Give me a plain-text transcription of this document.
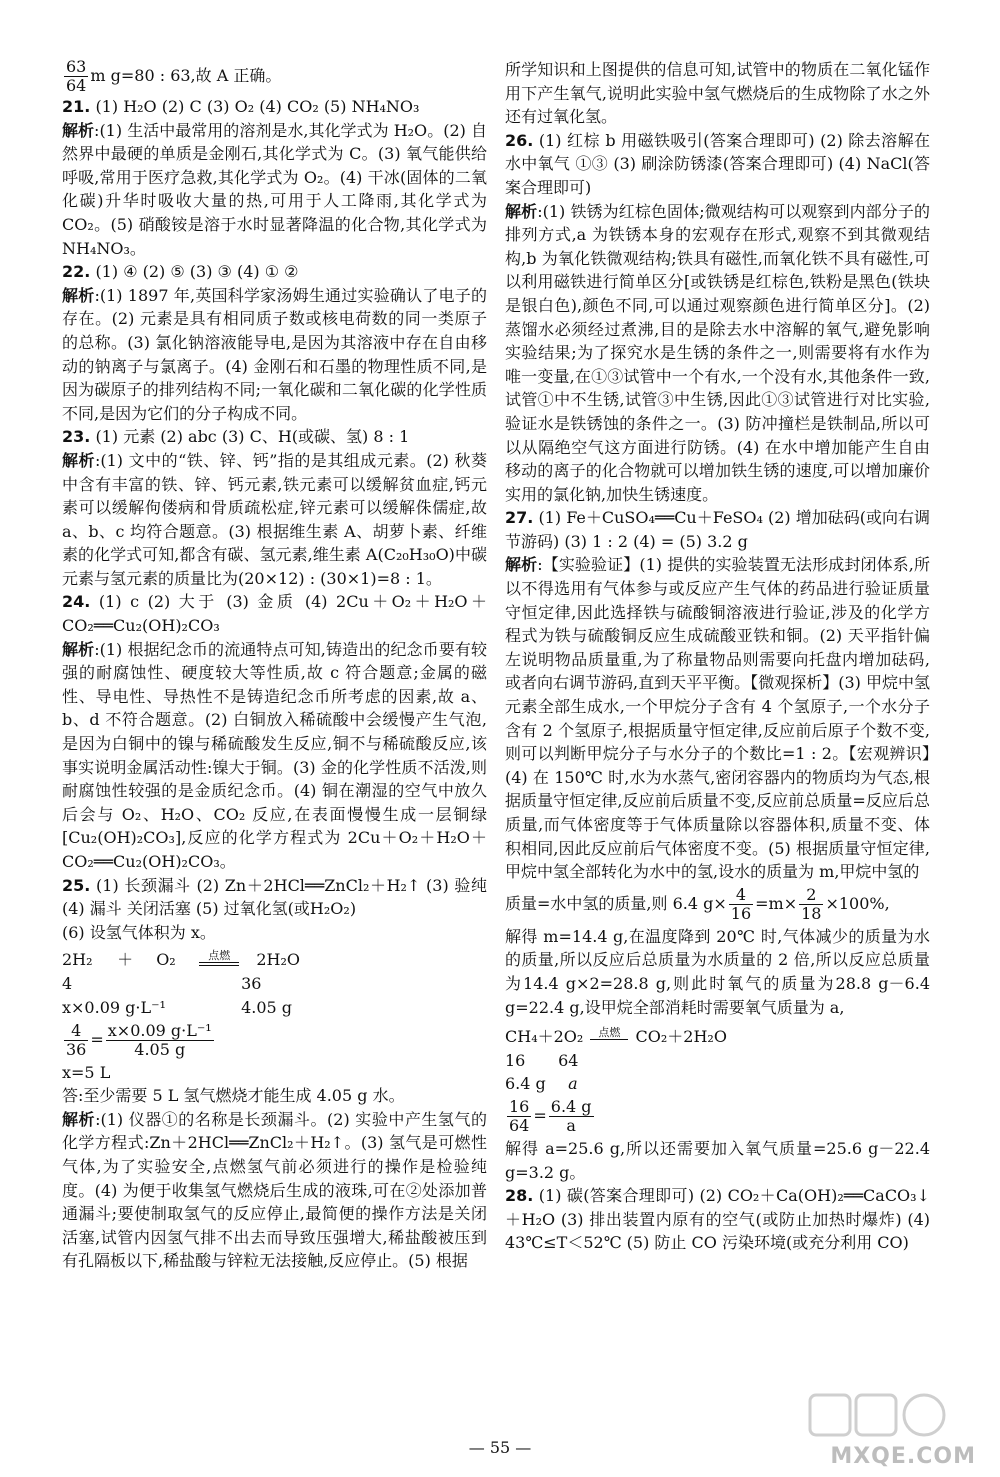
$\frac{63}{64}$ m g=80 : 63,故 A 正确。

21. (1) H₂O (2) C (3) O₂ (4) CO₂ (5) NH₄NO₃

解析:(1) 生活中最常用的溶剂是水,其化学式为 H₂O。(2) 自然界中最硬的单质是金刚石,其化学式为 C。(3) 氧气能供给呼吸,常用于医疗急救,其化学式为 O₂。(4) 干冰(固体的二氧化碳)升华时吸收大量的热,可用于人工降雨,其化学式为 CO₂。(5) 硝酸铵是溶于水时显著降温的化合物,其化学式为 NH₄NO₃。

22. (1) ④ (2) ⑤ (3) ③ (4) ① ②

解析:(1) 1897 年,英国科学家汤姆生通过实验确认了电子的存在。(2) 元素是具有相同质子数或核电荷数的同一类原子的总称。(3) 氯化钠溶液能导电,是因为其溶液中存在自由移动的钠离子与氯离子。(4) 金刚石和石墨的物理性质不同,是因为碳原子的排列结构不同;一氧化碳和二氧化碳的化学性质不同,是因为它们的分子构成不同。

23. (1) 元素 (2) abc (3) C、H(或碳、氢) 8 : 1

解析:(1) 文中的“铁、锌、钙”指的是其组成元素。(2) 秋葵中含有丰富的铁、锌、钙元素,铁元素可以缓解贫血症,钙元素可以缓解佝偻病和骨质疏松症,锌元素可以缓解侏儒症,故 a、b、c 均符合题意。(3) 根据维生素 A、胡萝卜素、纤维素的化学式可知,都含有碳、氢元素,维生素 A(C₂₀H₃₀O)中碳元素与氢元素的质量比为(20×12) : (30×1)=8 : 1。

24. (1) c (2) 大于 (3) 金质 (4) 2Cu＋O₂＋H₂O＋CO₂══Cu₂(OH)₂CO₃

解析:(1) 根据纪念币的流通特点可知,铸造出的纪念币要有较强的耐腐蚀性、硬度较大等性质,故 c 符合题意;金属的磁性、导电性、导热性不是铸造纪念币所考虑的因素,故 a、b、d 不符合题意。(2) 白铜放入稀硫酸中会缓慢产生气泡,是因为白铜中的镍与稀硫酸发生反应,铜不与稀硫酸反应,该事实说明金属活动性:镍大于铜。(3) 金的化学性质不活泼,则耐腐蚀性较强的是金质纪念币。(4) 铜在潮湿的空气中放久后会与 O₂、H₂O、CO₂ 反应,在表面慢慢生成一层铜绿[Cu₂(OH)₂CO₃],反应的化学方程式为 2Cu＋O₂＋H₂O＋CO₂══Cu₂(OH)₂CO₃。

25. (1) 长颈漏斗 (2) Zn＋2HCl══ZnCl₂＋H₂↑ (3) 验纯 (4) 漏斗 关闭活塞 (5) 过氧化氢(或H₂O₂)

(6) 设氢气体积为 x。

2H₂ ＋ O₂	点燃	2H₂O
4	36
x×0.09 g·L⁻¹	4.05 g
$\frac{4}{36} = \frac{\text{x×0.09 g·L⁻¹}}{4.05 g}$

x=5 L

答:至少需要 5 L 氢气燃烧才能生成 4.05 g 水。

解析:(1) 仪器①的名称是长颈漏斗。(2) 实验中产生氢气的化学方程式:Zn＋2HCl══ZnCl₂＋H₂↑。(3) 氢气是可燃性气体,为了实验安全,点燃氢气前必须进行的操作是检验纯度。(4) 为便于收集氢气燃烧后生成的液珠,可在②处添加普通漏斗;要使制取氢气的反应停止,最简便的操作方法是关闭活塞,试管内因氢气排不出去而导致压强增大,稀盐酸被压到有孔隔板以下,稀盐酸与锌粒无法接触,反应停止。(5) 根据

所学知识和上图提供的信息可知,试管中的物质在二氧化锰作用下产生氧气,说明此实验中氢气燃烧后的生成物除了水之外还有过氧化氢。

26. (1) 红棕 b 用磁铁吸引(答案合理即可) (2) 除去溶解在水中氧气 ①③ (3) 刷涂防锈漆(答案合理即可) (4) NaCl(答案合理即可)

解析:(1) 铁锈为红棕色固体;微观结构可以观察到内部分子的排列方式,a 为铁锈本身的宏观存在形式,观察不到其微观结构,b 为氧化铁微观结构;铁具有磁性,而氧化铁不具有磁性,可以利用磁铁进行简单区分[或铁锈是红棕色,铁粉是黑色(铁块是银白色),颜色不同,可以通过观察颜色进行简单区分]。(2) 蒸馏水必须经过煮沸,目的是除去水中溶解的氧气,避免影响实验结果;为了探究水是生锈的条件之一,则需要将有水作为唯一变量,在①③试管中一个有水,一个没有水,其他条件一致,试管①中不生锈,试管③中生锈,因此①③试管进行对比实验,验证水是铁锈蚀的条件之一。(3) 防冲撞栏是铁制品,所以可以从隔绝空气这方面进行防锈。(4) 在水中增加能产生自由移动的离子的化合物就可以增加铁生锈的速度,可以增加廉价实用的氯化钠,加快生锈速度。

27. (1) Fe＋CuSO₄══Cu＋FeSO₄ (2) 增加砝码(或向右调节游码) (3) 1 : 2 (4) = (5) 3.2 g

解析:【实验验证】(1) 提供的实验装置无法形成封闭体系,所以不得选用有气体参与或反应产生气体的药品进行验证质量守恒定律,因此选择铁与硫酸铜溶液进行验证,涉及的化学方程式为铁与硫酸铜反应生成硫酸亚铁和铜。(2) 天平指针偏左说明物品质量重,为了称量物品则需要向托盘内增加砝码,或者向右调节游码,直到天平平衡。【微观探析】(3) 甲烷中氢元素全部生成水,一个甲烷分子含有 4 个氢原子,一个水分子含有 2 个氢原子,根据质量守恒定律,反应前后原子个数不变,则可以判断甲烷分子与水分子的个数比=1 : 2。【宏观辨识】(4) 在 150℃ 时,水为水蒸气,密闭容器内的物质均为气态,根据质量守恒定律,反应前后质量不变,反应前总质量=反应后总质量,而气体密度等于气体质量除以容器体积,质量不变、体积相同,因此反应前后气体密度不变。(5) 根据质量守恒定律,甲烷中氢全部转化为水中的氢,设水的质量为 m,甲烷中氢的

质量=水中氢的质量,则 6.4 $g\times \frac{4}{16} =m\times \frac{2}{18} \times 100\%$,

解得 m=14.4 g,在温度降到 20℃ 时,气体减少的质量为水的质量,所以反应后总质量为水质量的 2 倍,所以反应总质量为14.4 g×2=28.8 g,则此时氧气的质量为28.8 g－6.4 g=22.4 g,设甲烷全部消耗时需要氧气质量为 a,

CH₄＋2O₂	点燃 CO₂＋2H₂O
16 64
6.4 g a
$\frac{16}{64} = \frac{6.4 g}{a}$

解得 a=25.6 g,所以还需要加入氧气质量=25.6 g－22.4 g=3.2 g。

28. (1) 碳(答案合理即可) (2) CO₂＋Ca(OH)₂══CaCO₃↓＋H₂O (3) 排出装置内原有的空气(或防止加热时爆炸) (4) 43℃≤T＜52℃ (5) 防止 CO 污染环境(或充分利用 CO)

— 55 —	MXQE.COM
